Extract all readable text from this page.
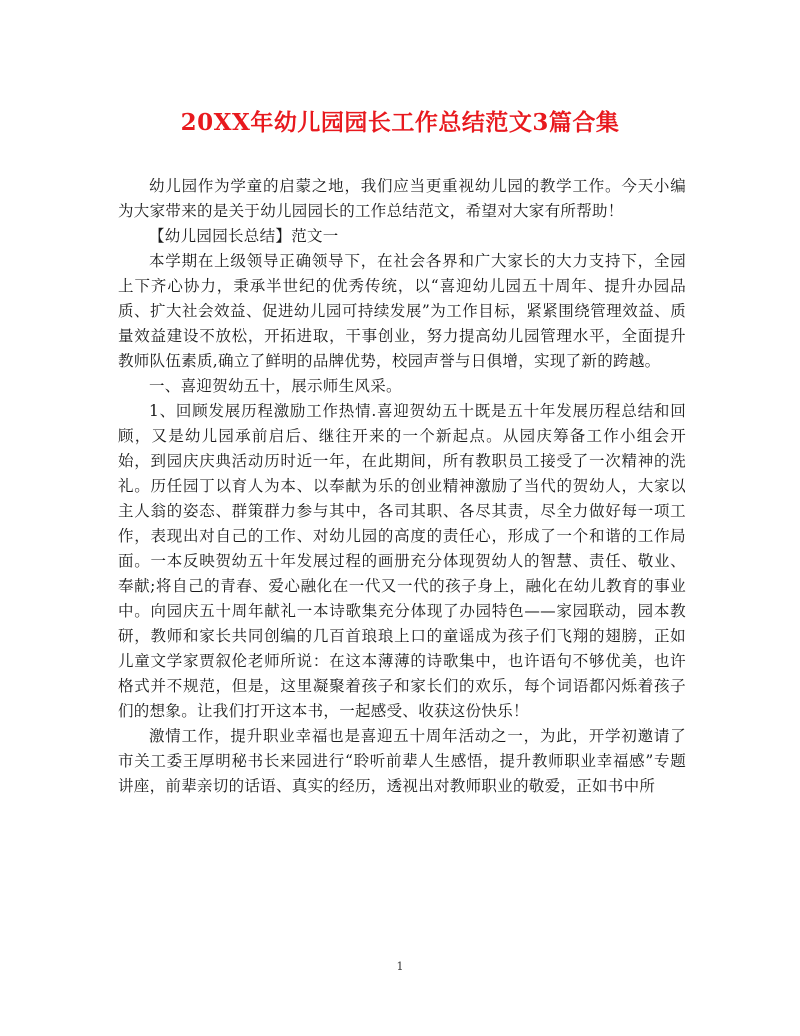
20XX年幼儿园园长工作总结范文3篇合集

幼儿园作为学童的启蒙之地，我们应当更重视幼儿园的教学工作。今天小编为大家带来的是关于幼儿园园长的工作总结范文，希望对大家有所帮助！

【幼儿园园长总结】范文一

本学期在上级领导正确领导下，在社会各界和广大家长的大力支持下，全园上下齐心协力，秉承半世纪的优秀传统，以“喜迎幼儿园五十周年、提升办园品质、扩大社会效益、促进幼儿园可持续发展”为工作目标，紧紧围绕管理效益、质量效益建设不放松，开拓进取，干事创业，努力提高幼儿园管理水平，全面提升教师队伍素质,确立了鲜明的品牌优势，校园声誉与日俱增，实现了新的跨越。

一、喜迎贺幼五十，展示师生风采。

1、回顾发展历程激励工作热情.喜迎贺幼五十既是五十年发展历程总结和回顾，又是幼儿园承前启后、继往开来的一个新起点。从园庆筹备工作小组会开始，到园庆庆典活动历时近一年，在此期间，所有教职员工接受了一次精神的洗礼。历任园丁以育人为本、以奉献为乐的创业精神激励了当代的贺幼人，大家以主人翁的姿态、群策群力参与其中，各司其职、各尽其责，尽全力做好每一项工作，表现出对自己的工作、对幼儿园的高度的责任心，形成了一个和谐的工作局面。一本反映贺幼五十年发展过程的画册充分体现贺幼人的智慧、责任、敬业、奉献;将自己的青春、爱心融化在一代又一代的孩子身上，融化在幼儿教育的事业中。向园庆五十周年献礼一本诗歌集充分体现了办园特色——家园联动，园本教研，教师和家长共同创编的几百首琅琅上口的童谣成为孩子们飞翔的翅膀，正如儿童文学家贾叙伦老师所说：在这本薄薄的诗歌集中，也许语句不够优美，也许格式并不规范，但是，这里凝聚着孩子和家长们的欢乐，每个词语都闪烁着孩子们的想象。让我们打开这本书，一起感受、收获这份快乐！

激情工作，提升职业幸福也是喜迎五十周年活动之一，为此，开学初邀请了市关工委王厚明秘书长来园进行“聆听前辈人生感悟，提升教师职业幸福感”专题讲座，前辈亲切的话语、真实的经历，透视出对教师职业的敬爱，正如书中所

1
